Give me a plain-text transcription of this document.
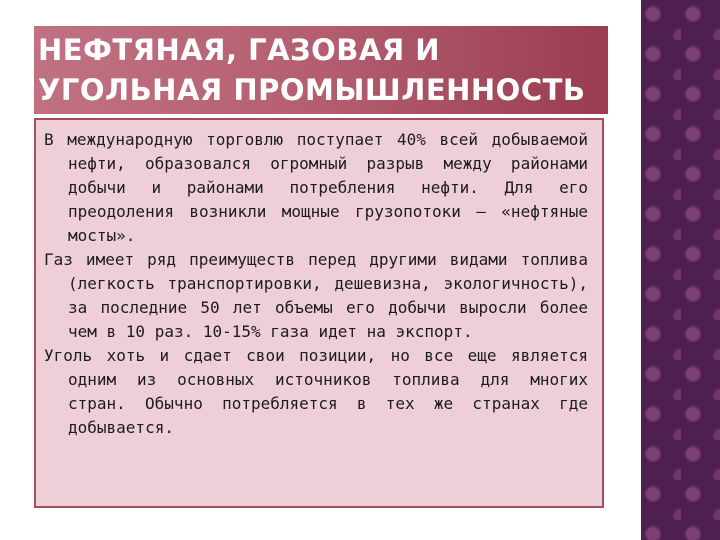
НЕФТЯНАЯ, ГАЗОВАЯ И
УГОЛЬНАЯ ПРОМЫШЛЕННОСТЬ

В международную торговлю поступает 40% всей добываемой нефти, образовался огромный разрыв между районами добычи и районами потребления нефти. Для его преодоления возникли мощные грузопотоки – «нефтяные мосты».

Газ имеет ряд преимуществ перед другими видами топлива (легкость транспортировки, дешевизна, экологичность), за последние 50 лет объемы его добычи выросли более чем в 10 раз. 10-15% газа идет на экспорт.

Уголь хоть и сдает свои позиции, но все еще является одним из основных источников топлива для многих стран. Обычно потребляется в тех же странах где добывается.
